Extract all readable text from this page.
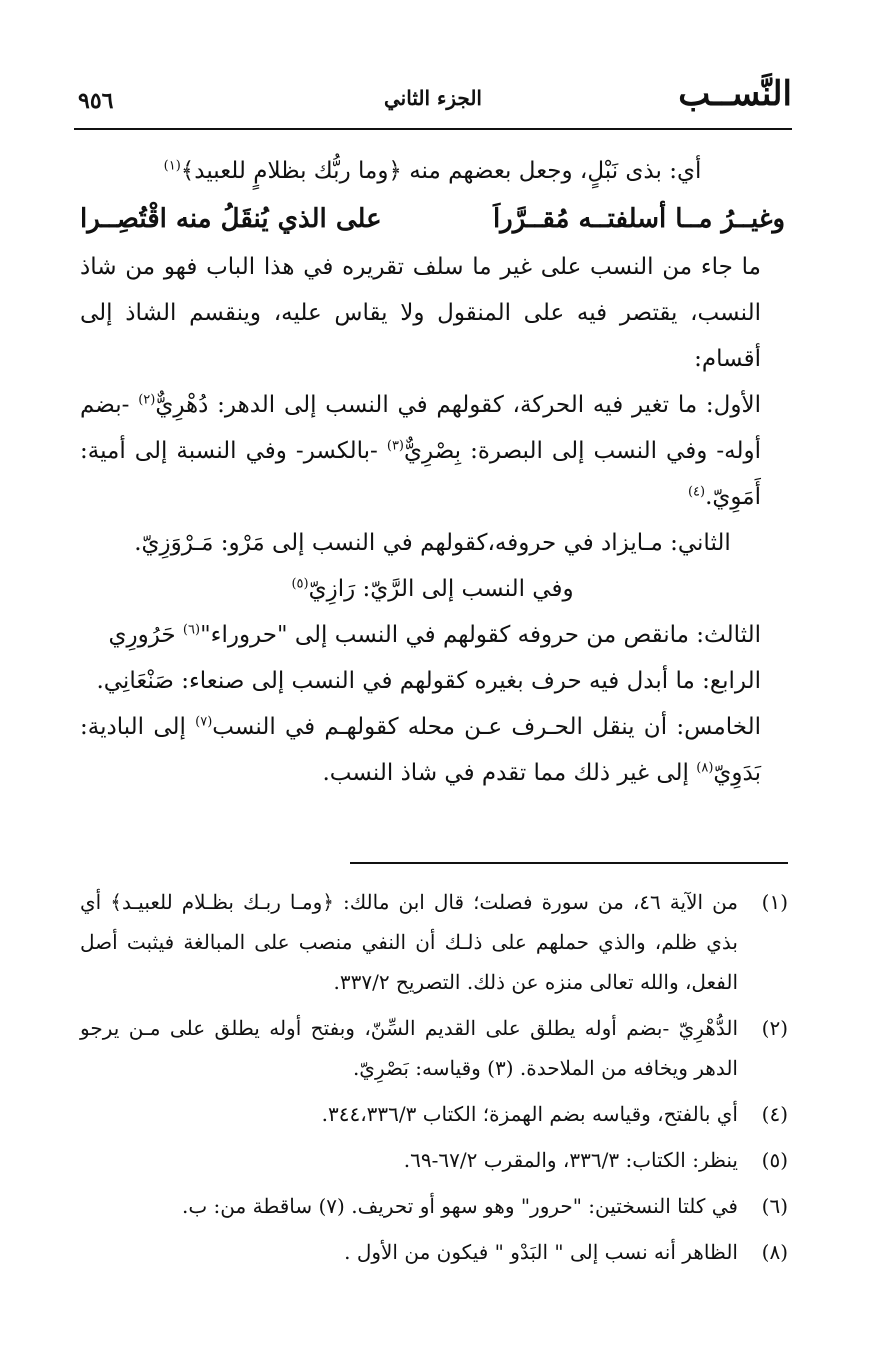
النَّســب
الجزء الثاني
٩٥٦

أي: بذى نَبْلٍ، وجعل بعضهم منه ﴿وما ربُّك بظلامٍ للعبيد﴾$^{(١)}$

وغيــرُ مــا أسلفتــه مُقــرَّراَ
على الذي يُنقَلُ منه اقْتُصِــرا

ما جاء من النسب على غير ما سلف تقريره في هذا الباب فهو من شاذ النسب، يقتصر فيه على المنقول ولا يقاس عليه، وينقسم الشاذ إلى أقسام:

الأول: ما تغير فيه الحركة، كقولهم في النسب إلى الدهر: دُهْرِيٌّ$^{(٢)}$ -بضم أوله- وفي النسب إلى البصرة: بِصْرِيٌّ$^{(٣)}$ -بالكسر- وفي النسبة إلى أمية: أَمَوِيّ.$^{(٤)}$

الثاني: مـايزاد في حروفه،كقولهم في النسب إلى مَرْو: مَـرْوَزِيّ.

وفي النسب إلى الرَّيّ: رَازِيّ$^{(٥)}$

الثالث: مانقص من حروفه كقولهم في النسب إلى "حروراء"$^{(٦)}$ حَرُورِي

الرابع: ما أبدل فيه حرف بغيره كقولهم في النسب إلى صنعاء: صَنْعَانِي.

الخامس: أن ينقل الحـرف عـن محله كقولهـم في النسب$^{(٧)}$ إلى البادية: بَدَوِيّ$^{(٨)}$ إلى غير ذلك مما تقدم في شاذ النسب.

(١)
من الآية ٤٦، من سورة فصلت؛ قال ابن مالك: ﴿ومـا ربـك بظـلام للعبيـد﴾ أي بذي ظلم، والذي حملهم على ذلـك أن النفي منصب على المبالغة فيثبت أصل الفعل، والله تعالى منزه عن ذلك. التصريح ٣٣٧/٢.
(٢)
الدُّهْرِيّ -بضم أوله يطلق على القديم السِّنّ، وبفتح أوله يطلق على مـن يرجو الدهر ويخافه من الملاحدة. (٣) وقياسه: بَصْرِيّ.
(٤)
أي بالفتح، وقياسه بضم الهمزة؛ الكتاب ٣٤٤،٣٣٦/٣.
(٥)
ينظر: الكتاب: ٣٣٦/٣، والمقرب ٦٧/٢-٦٩.
(٦)
في كلتا النسختين: "حرور" وهو سهو أو تحريف. (٧) ساقطة من: ب.
(٨)
الظاهر أنه نسب إلى " البَدْو " فيكون من الأول .
